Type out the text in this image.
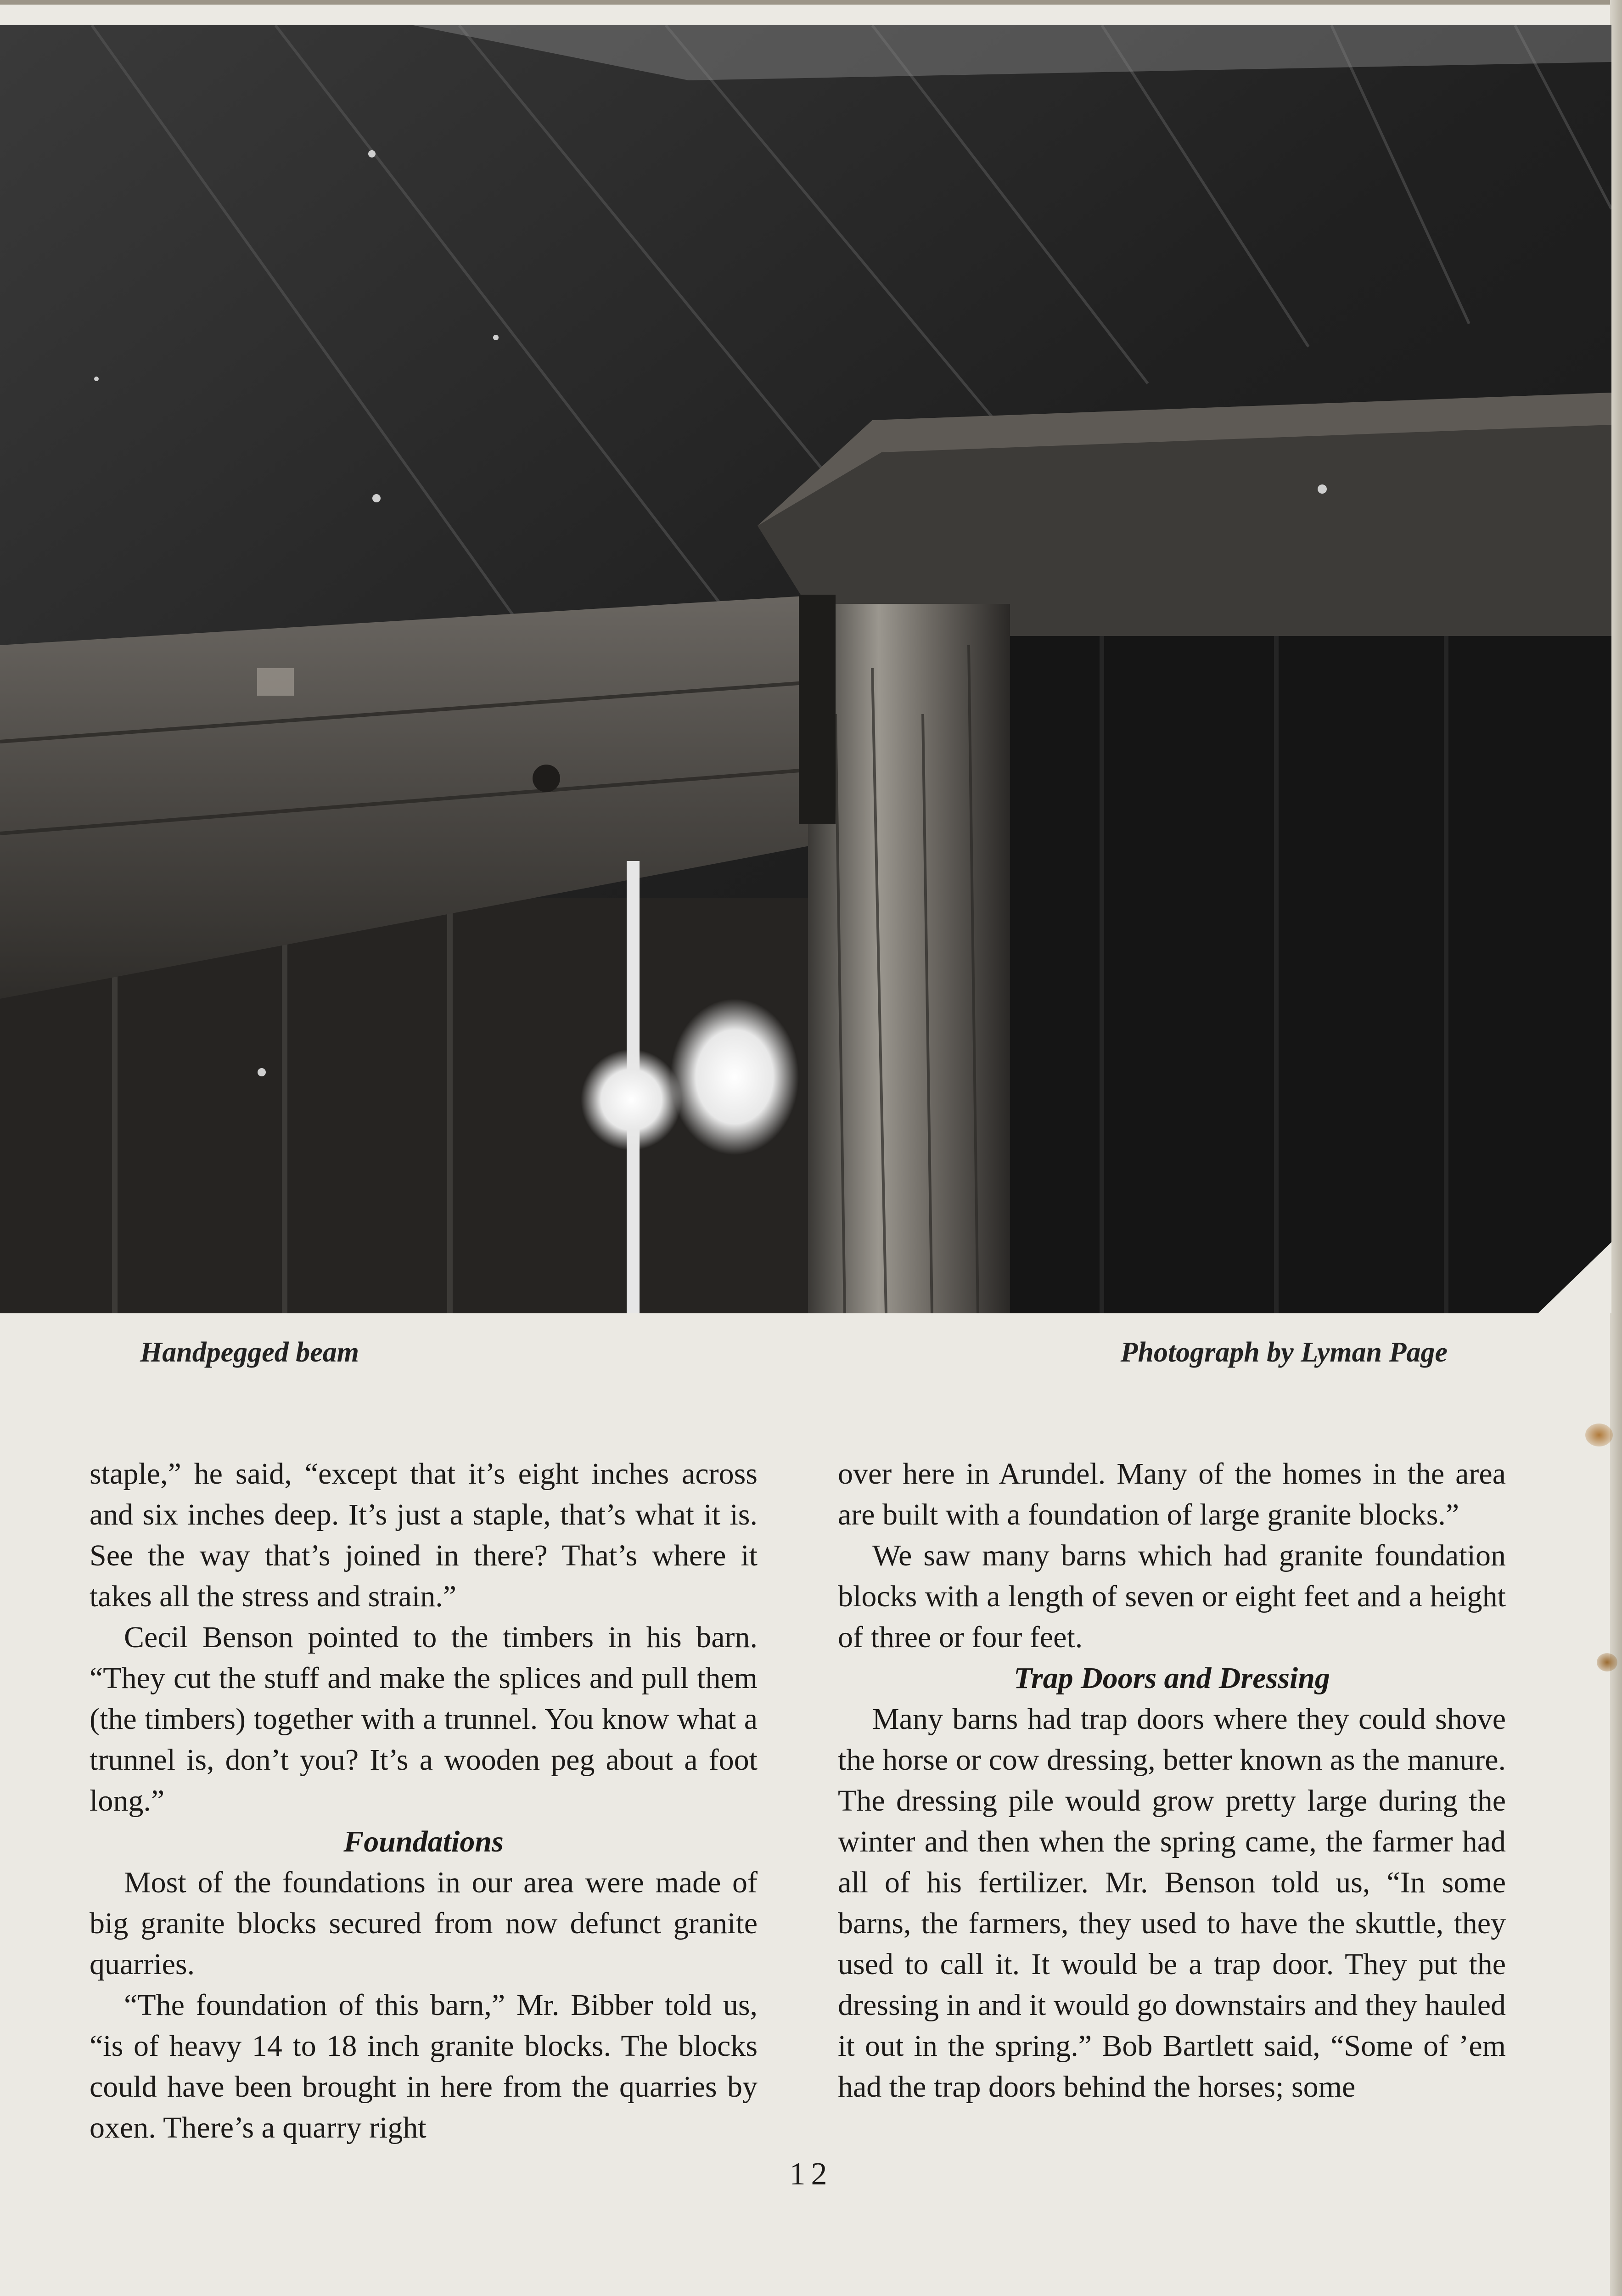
Handpegged beam	Photograph by Lyman Page

staple,” he said, “except that it’s eight inches across and six inches deep. It’s just a staple, that’s what it is. See the way that’s joined in there? That’s where it takes all the stress and strain.”

Cecil Benson pointed to the timbers in his barn. “They cut the stuff and make the splices and pull them (the timbers) together with a trunnel. You know what a trunnel is, don’t you? It’s a wooden peg about a foot long.”

Foundations

Most of the foundations in our area were made of big granite blocks secured from now defunct granite quarries.

“The foundation of this barn,” Mr. Bibber told us, “is of heavy 14 to 18 inch granite blocks. The blocks could have been brought in here from the quarries by oxen. There’s a quarry right

over here in Arundel. Many of the homes in the area are built with a foundation of large granite blocks.”

We saw many barns which had granite foundation blocks with a length of seven or eight feet and a height of three or four feet.

Trap Doors and Dressing

Many barns had trap doors where they could shove the horse or cow dressing, better known as the manure. The dressing pile would grow pretty large during the winter and then when the spring came, the farmer had all of his fertilizer. Mr. Benson told us, “In some barns, the farmers, they used to have the skuttle, they used to call it. It would be a trap door. They put the dressing in and it would go downstairs and they hauled it out in the spring.” Bob Bartlett said, “Some of ’em had the trap doors behind the horses; some

12
